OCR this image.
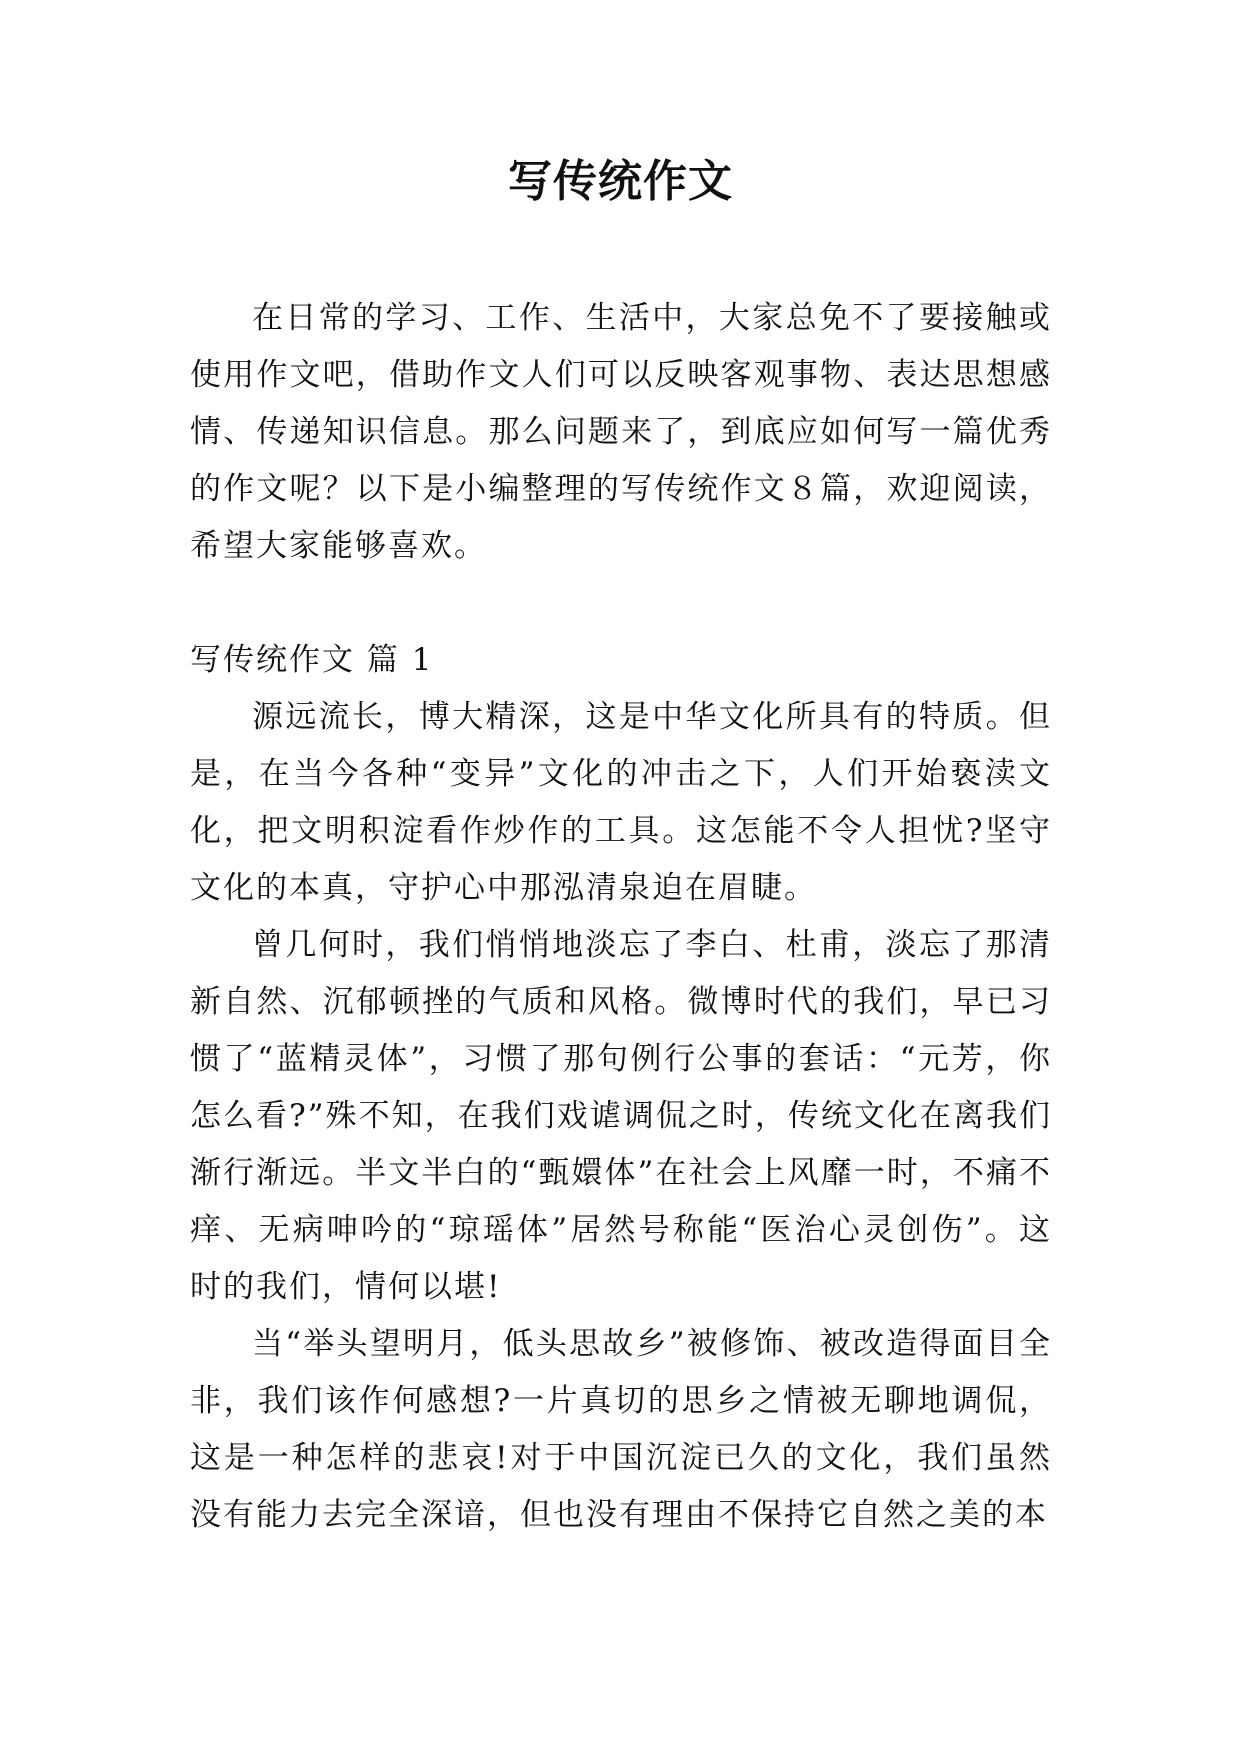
写传统作文

在日常的学习、工作、生活中，大家总免不了要接触或使用作文吧，借助作文人们可以反映客观事物、表达思想感情、传递知识信息。那么问题来了，到底应如何写一篇优秀的作文呢？以下是小编整理的写传统作文８篇，欢迎阅读，希望大家能够喜欢。

写传统作文 篇 1

源远流长，博大精深，这是中华文化所具有的特质。但是，在当今各种“变异”文化的冲击之下，人们开始亵渎文化，把文明积淀看作炒作的工具。这怎能不令人担忧?坚守文化的本真，守护心中那泓清泉迫在眉睫。

曾几何时，我们悄悄地淡忘了李白、杜甫，淡忘了那清新自然、沉郁顿挫的气质和风格。微博时代的我们，早已习惯了“蓝精灵体”，习惯了那句例行公事的套话：“元芳，你怎么看?”殊不知，在我们戏谑调侃之时，传统文化在离我们渐行渐远。半文半白的“甄嬛体”在社会上风靡一时，不痛不痒、无病呻吟的“琼瑶体”居然号称能“医治心灵创伤”。这时的我们，情何以堪!

当“举头望明月，低头思故乡”被修饰、被改造得面目全非，我们该作何感想?一片真切的思乡之情被无聊地调侃，这是一种怎样的悲哀!对于中国沉淀已久的文化，我们虽然没有能力去完全深谙，但也没有理由不保持它自然之美的本
